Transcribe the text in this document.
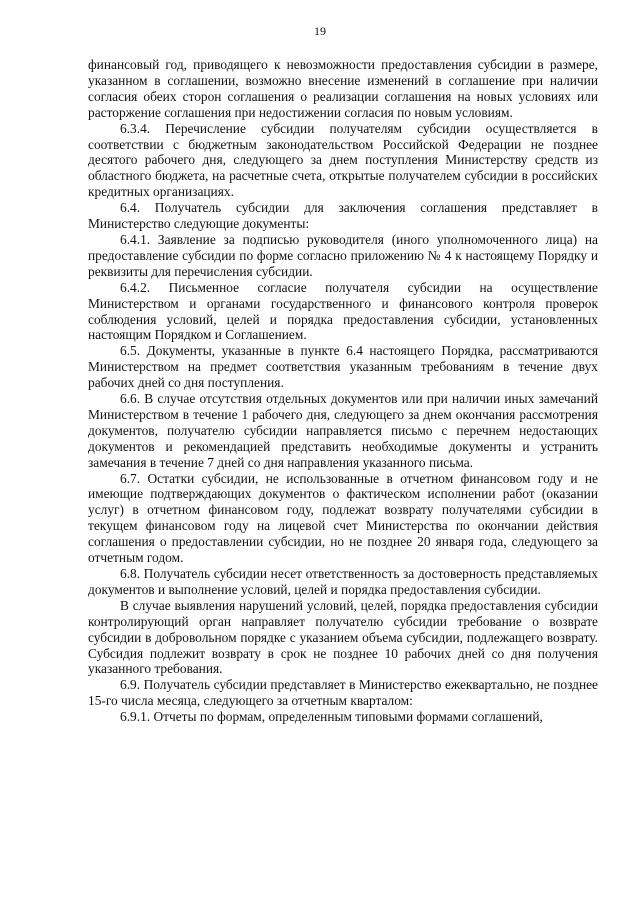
19

финансовый год, приводящего к невозможности предоставления субсидии в размере, указанном в соглашении, возможно внесение изменений в соглашение при наличии согласия обеих сторон соглашения о реализации соглашения на новых условиях или расторжение соглашения при недостижении согласия по новым условиям.

6.3.4. Перечисление субсидии получателям субсидии осуществляется в соответствии с бюджетным законодательством Российской Федерации не позднее десятого рабочего дня, следующего за днем поступления Министерству средств из областного бюджета, на расчетные счета, открытые получателем субсидии в российских кредитных организациях.

6.4. Получатель субсидии для заключения соглашения представляет в Министерство следующие документы:

6.4.1. Заявление за подписью руководителя (иного уполномоченного лица) на предоставление субсидии по форме согласно приложению № 4 к настоящему Порядку и реквизиты для перечисления субсидии.

6.4.2. Письменное согласие получателя субсидии на осуществление Министерством и органами государственного и финансового контроля проверок соблюдения условий, целей и порядка предоставления субсидии, установленных настоящим Порядком и Соглашением.

6.5. Документы, указанные в пункте 6.4 настоящего Порядка, рассматриваются Министерством на предмет соответствия указанным требованиям в течение двух рабочих дней со дня поступления.

6.6. В случае отсутствия отдельных документов или при наличии иных замечаний Министерством в течение 1 рабочего дня, следующего за днем окончания рассмотрения документов, получателю субсидии направляется письмо с перечнем недостающих документов и рекомендацией представить необходимые документы и устранить замечания в течение 7 дней со дня направления указанного письма.

6.7. Остатки субсидии, не использованные в отчетном финансовом году и не имеющие подтверждающих документов о фактическом исполнении работ (оказании услуг) в отчетном финансовом году, подлежат возврату получателями субсидии в текущем финансовом году на лицевой счет Министерства по окончании действия соглашения о предоставлении субсидии, но не позднее 20 января года, следующего за отчетным годом.

6.8. Получатель субсидии несет ответственность за достоверность представляемых документов и выполнение условий, целей и порядка предоставления субсидии.

В случае выявления нарушений условий, целей, порядка предоставления субсидии контролирующий орган направляет получателю субсидии требование о возврате субсидии в добровольном порядке с указанием объема субсидии, подлежащего возврату. Субсидия подлежит возврату в срок не позднее 10 рабочих дней со дня получения указанного требования.

6.9. Получатель субсидии представляет в Министерство ежеквартально, не позднее 15-го числа месяца, следующего за отчетным кварталом:

6.9.1. Отчеты по формам, определенным типовыми формами соглашений,
